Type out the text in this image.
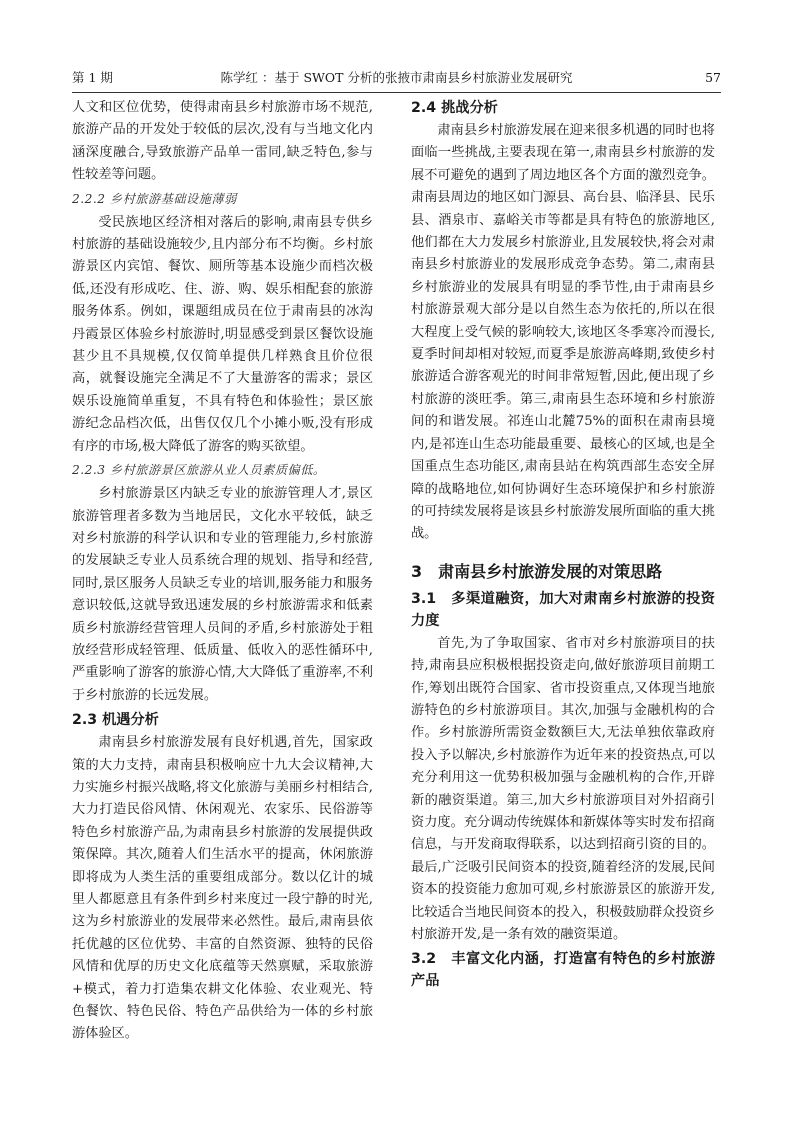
第 1 期	陈学红 ：基于 SWOT 分析的张掖市肃南县乡村旅游业发展研究	57

人文和区位优势，使得肃南县乡村旅游市场不规范,旅游产品的开发处于较低的层次,没有与当地文化内涵深度融合,导致旅游产品单一雷同,缺乏特色,参与性较差等问题。

2.2.2 乡村旅游基础设施薄弱

受民族地区经济相对落后的影响,肃南县专供乡村旅游的基础设施较少,且内部分布不均衡。乡村旅游景区内宾馆、餐饮、厕所等基本设施少而档次极低,还没有形成吃、住、游、购、娱乐相配套的旅游服务体系。例如，课题组成员在位于肃南县的冰沟丹霞景区体验乡村旅游时,明显感受到景区餐饮设施甚少且不具规模,仅仅简单提供几样熟食且价位很高，就餐设施完全满足不了大量游客的需求；景区娱乐设施简单重复，不具有特色和体验性；景区旅游纪念品档次低，出售仅仅几个小摊小贩,没有形成有序的市场,极大降低了游客的购买欲望。

2.2.3 乡村旅游景区旅游从业人员素质偏低。

乡村旅游景区内缺乏专业的旅游管理人才,景区旅游管理者多数为当地居民，文化水平较低，缺乏对乡村旅游的科学认识和专业的管理能力,乡村旅游的发展缺乏专业人员系统合理的规划、指导和经营,同时,景区服务人员缺乏专业的培训,服务能力和服务意识较低,这就导致迅速发展的乡村旅游需求和低素质乡村旅游经营管理人员间的矛盾,乡村旅游处于粗放经营形成轻管理、低质量、低收入的恶性循环中,严重影响了游客的旅游心情,大大降低了重游率,不利于乡村旅游的长远发展。

2.3 机遇分析

肃南县乡村旅游发展有良好机遇,首先，国家政策的大力支持，肃南县积极响应十九大会议精神,大力实施乡村振兴战略,将文化旅游与美丽乡村相结合,大力打造民俗风情、休闲观光、农家乐、民俗游等特色乡村旅游产品,为肃南县乡村旅游的发展提供政策保障。其次,随着人们生活水平的提高，休闲旅游即将成为人类生活的重要组成部分。数以亿计的城里人都愿意且有条件到乡村来度过一段宁静的时光,这为乡村旅游业的发展带来必然性。最后,肃南县依托优越的区位优势、丰富的自然资源、独特的民俗风情和优厚的历史文化底蕴等天然禀赋，采取旅游+模式，着力打造集农耕文化体验、农业观光、特色餐饮、特色民俗、特色产品供给为一体的乡村旅游体验区。

2.4 挑战分析

肃南县乡村旅游发展在迎来很多机遇的同时也将面临一些挑战,主要表现在第一,肃南县乡村旅游的发展不可避免的遇到了周边地区各个方面的激烈竞争。肃南县周边的地区如门源县、高台县、临泽县、民乐县、酒泉市、嘉峪关市等都是具有特色的旅游地区,他们都在大力发展乡村旅游业,且发展较快,将会对肃南县乡村旅游业的发展形成竞争态势。第二,肃南县乡村旅游业的发展具有明显的季节性,由于肃南县乡村旅游景观大部分是以自然生态为依托的,所以在很大程度上受气候的影响较大,该地区冬季寒冷而漫长,夏季时间却相对较短,而夏季是旅游高峰期,致使乡村旅游适合游客观光的时间非常短暂,因此,便出现了乡村旅游的淡旺季。第三,肃南县生态环境和乡村旅游间的和谐发展。祁连山北麓75%的面积在肃南县境内,是祁连山生态功能最重要、最核心的区域,也是全国重点生态功能区,肃南县站在构筑西部生态安全屏障的战略地位,如何协调好生态环境保护和乡村旅游的可持续发展将是该县乡村旅游发展所面临的重大挑战。

3　肃南县乡村旅游发展的对策思路
3.1　多渠道融资，加大对肃南乡村旅游的投资力度

首先,为了争取国家、省市对乡村旅游项目的扶持,肃南县应积极根据投资走向,做好旅游项目前期工作,筹划出既符合国家、省市投资重点,又体现当地旅游特色的乡村旅游项目。其次,加强与金融机构的合作。乡村旅游所需资金数额巨大,无法单独依靠政府投入予以解决,乡村旅游作为近年来的投资热点,可以充分利用这一优势积极加强与金融机构的合作,开辟新的融资渠道。第三,加大乡村旅游项目对外招商引资力度。充分调动传统媒体和新媒体等实时发布招商信息，与开发商取得联系，以达到招商引资的目的。最后,广泛吸引民间资本的投资,随着经济的发展,民间资本的投资能力愈加可观,乡村旅游景区的旅游开发,比较适合当地民间资本的投入，积极鼓励群众投资乡村旅游开发,是一条有效的融资渠道。

3.2　丰富文化内涵，打造富有特色的乡村旅游产品
